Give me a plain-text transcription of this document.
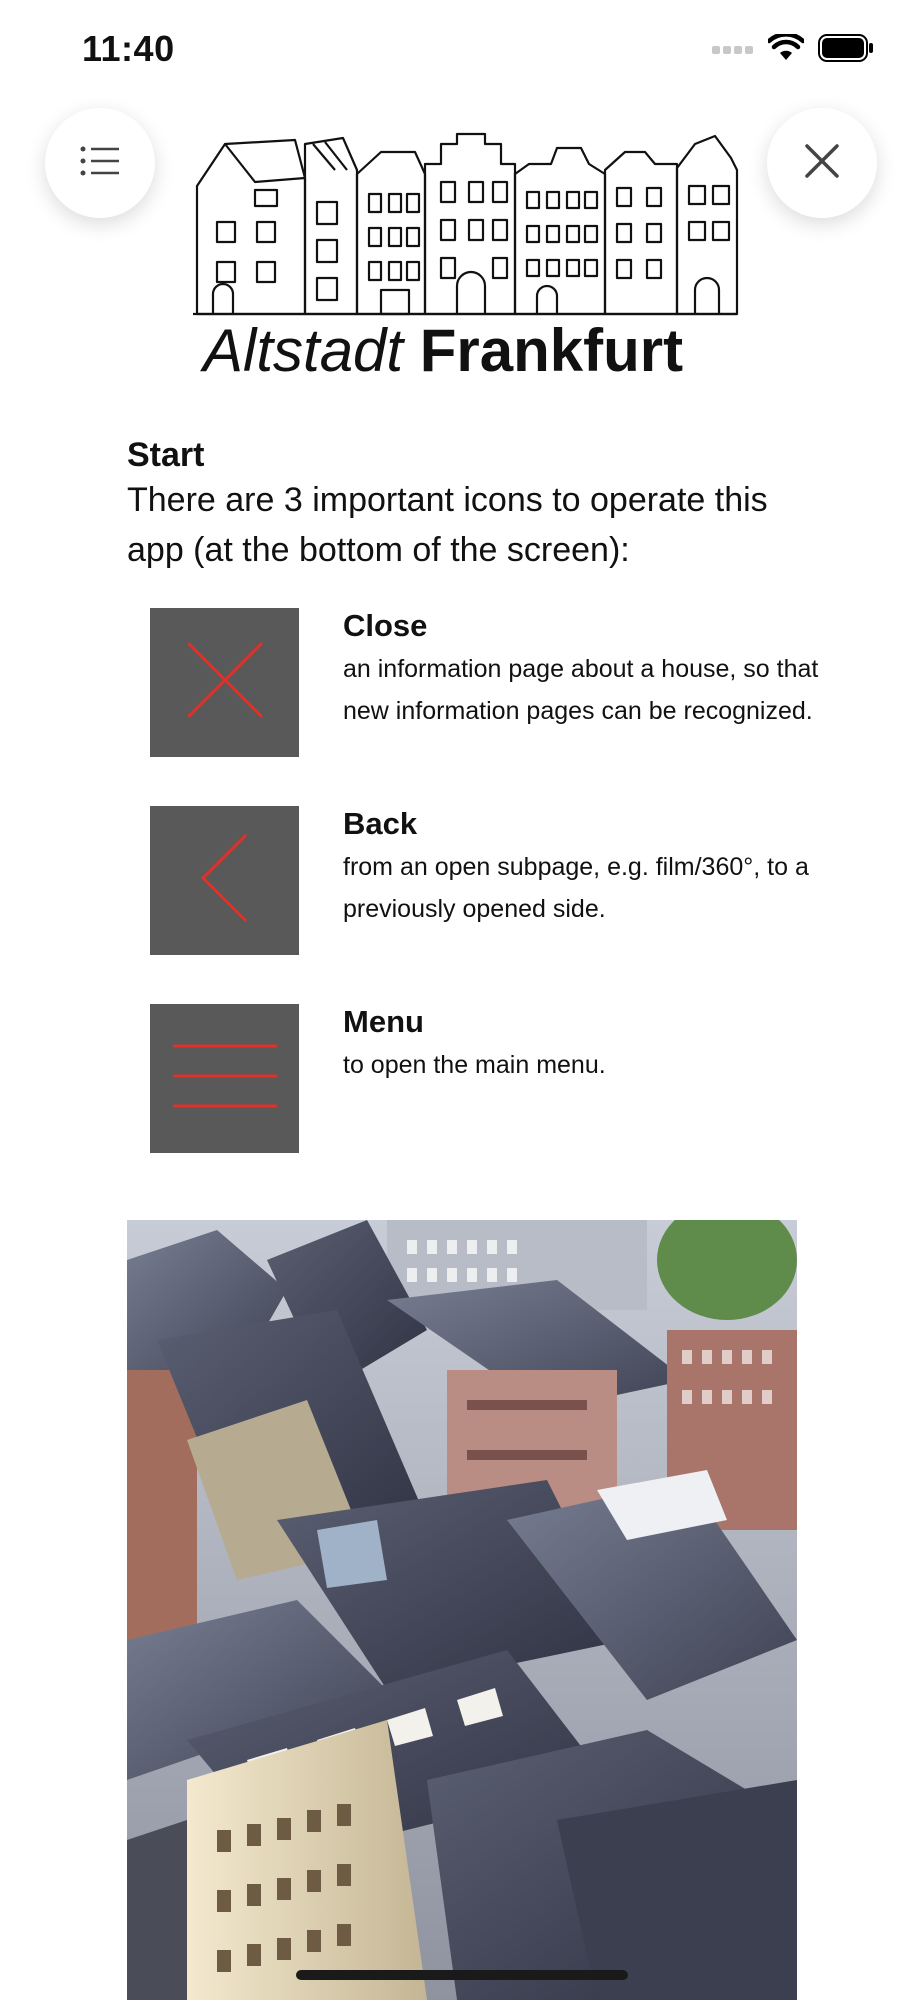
11:40
Altstadt Frankfurt

Start

There are 3 important icons to operate this app (at the bottom of the screen):

Close

an information page about a house, so that new information pages can be recognized.

Back

from an open subpage, e.g. film/360°, to a previously opened side.

Menu

to open the main menu.
